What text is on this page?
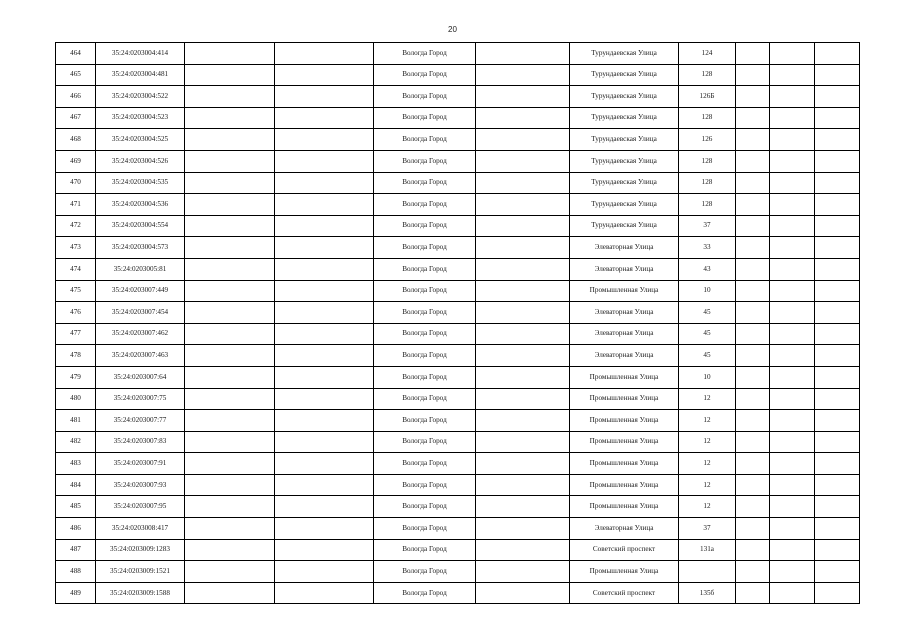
20
464	35:24:0203004:414			Вологда Город		Турундаевская Улица	124			
465	35:24:0203004:481			Вологда Город		Турундаевская Улица	128			
466	35:24:0203004:522			Вологда Город		Турундаевская Улица	126Б			
467	35:24:0203004:523			Вологда Город		Турундаевская Улица	128			
468	35:24:0203004:525			Вологда Город		Турундаевская Улица	126			
469	35:24:0203004:526			Вологда Город		Турундаевская Улица	128			
470	35:24:0203004:535			Вологда Город		Турундаевская Улица	128			
471	35:24:0203004:536			Вологда Город		Турундаевская Улица	128			
472	35:24:0203004:554			Вологда Город		Турундаевская Улица	37			
473	35:24:0203004:573			Вологда Город		Элеваторная Улица	33			
474	35:24:0203005:81			Вологда Город		Элеваторная Улица	43			
475	35:24:0203007:449			Вологда Город		Промышленная Улица	10			
476	35:24:0203007:454			Вологда Город		Элеваторная Улица	45			
477	35:24:0203007:462			Вологда Город		Элеваторная Улица	45			
478	35:24:0203007:463			Вологда Город		Элеваторная Улица	45			
479	35:24:0203007:64			Вологда Город		Промышленная Улица	10			
480	35:24:0203007:75			Вологда Город		Промышленная Улица	12			
481	35:24:0203007:77			Вологда Город		Промышленная Улица	12			
482	35:24:0203007:83			Вологда Город		Промышленная Улица	12			
483	35:24:0203007:91			Вологда Город		Промышленная Улица	12			
484	35:24:0203007:93			Вологда Город		Промышленная Улица	12			
485	35:24:0203007:95			Вологда Город		Промышленная Улица	12			
486	35:24:0203008:417			Вологда Город		Элеваторная Улица	37			
487	35:24:0203009:1283			Вологда Город		Советский проспект	131а			
488	35:24:0203009:1521			Вологда Город		Промышленная Улица				
489	35:24:0203009:1588			Вологда Город		Советский проспект	135б			
